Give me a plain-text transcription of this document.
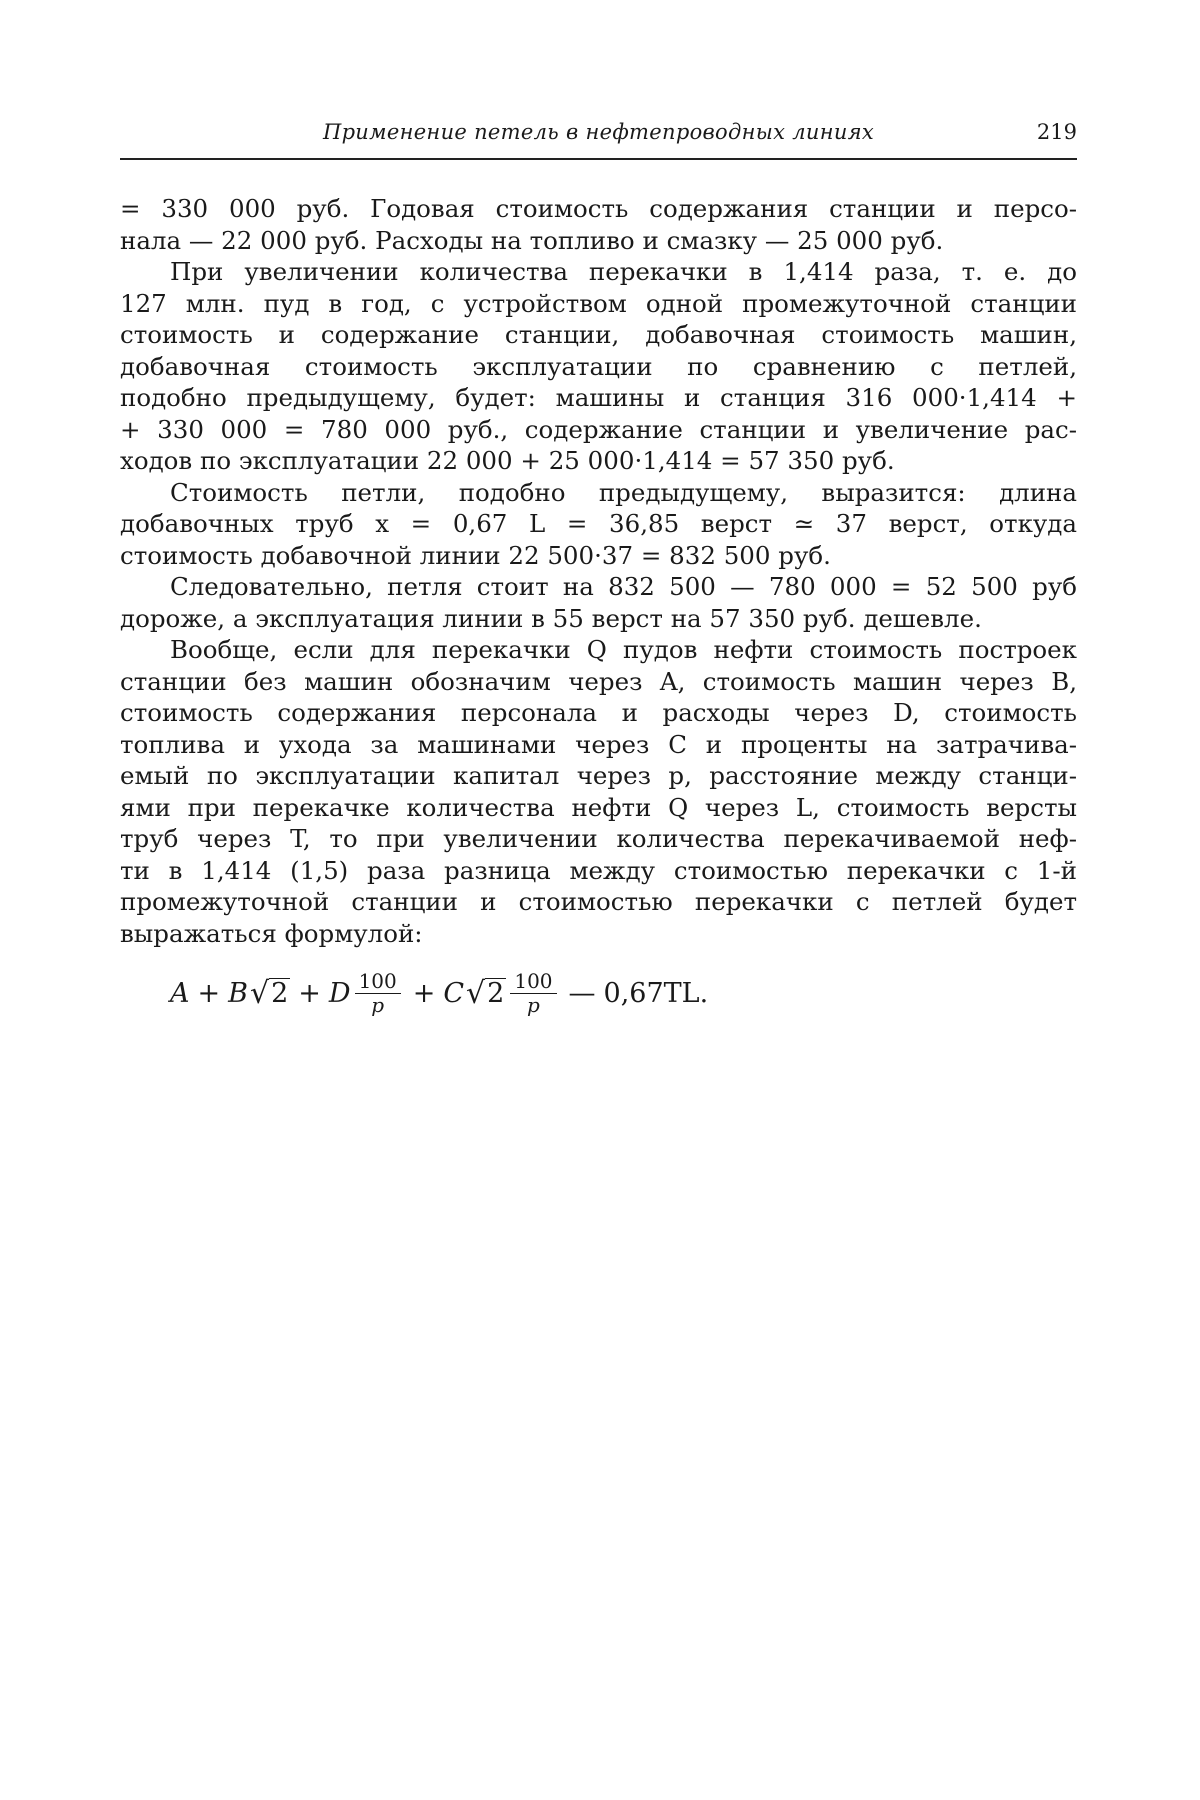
Применение петель в нефтепроводных линиях	219
= 330 000 руб. Годовая стоимость содержания станции и персо-
нала — 22 000 руб. Расходы на топливо и смазку — 25 000 руб.
При увеличении количества перекачки в 1,414 раза, т. е. до
127 млн. пуд в год, с устройством одной промежуточной станции
стоимость и содержание станции, добавочная стоимость машин,
добавочная стоимость эксплуатации по сравнению с петлей,
подобно предыдущему, будет: машины и станция 316 000·1,414 +
+ 330 000 = 780 000 руб., содержание станции и увеличение рас-
ходов по эксплуатации 22 000 + 25 000·1,414 = 57 350 руб.
Стоимость петли, подобно предыдущему, выразится: длина
добавочных труб x = 0,67 L = 36,85 верст ≃ 37 верст, откуда
стоимость добавочной линии 22 500·37 = 832 500 руб.
Следовательно, петля стоит на 832 500 — 780 000 = 52 500 руб
дороже, а эксплуатация линии в 55 верст на 57 350 руб. дешевле.
Вообще, если для перекачки Q пудов нефти стоимость построек
станции без машин обозначим через A, стоимость машин через B,
стоимость содержания персонала и расходы через D, стоимость
топлива и ухода за машинами через C и проценты на затрачива-
емый по эксплуатации капитал через p, расстояние между станци-
ями при перекачке количества нефти Q через L, стоимость версты
труб через T, то при увеличении количества перекачиваемой неф-
ти в 1,414 (1,5) раза разница между стоимостью перекачки с 1-й
промежуточной станции и стоимостью перекачки с петлей будет
выражаться формулой:
A + B √ 2 + D $\frac{100}{p} + C$ √ $2 \frac{100}{p}$ — 0,67TL.
